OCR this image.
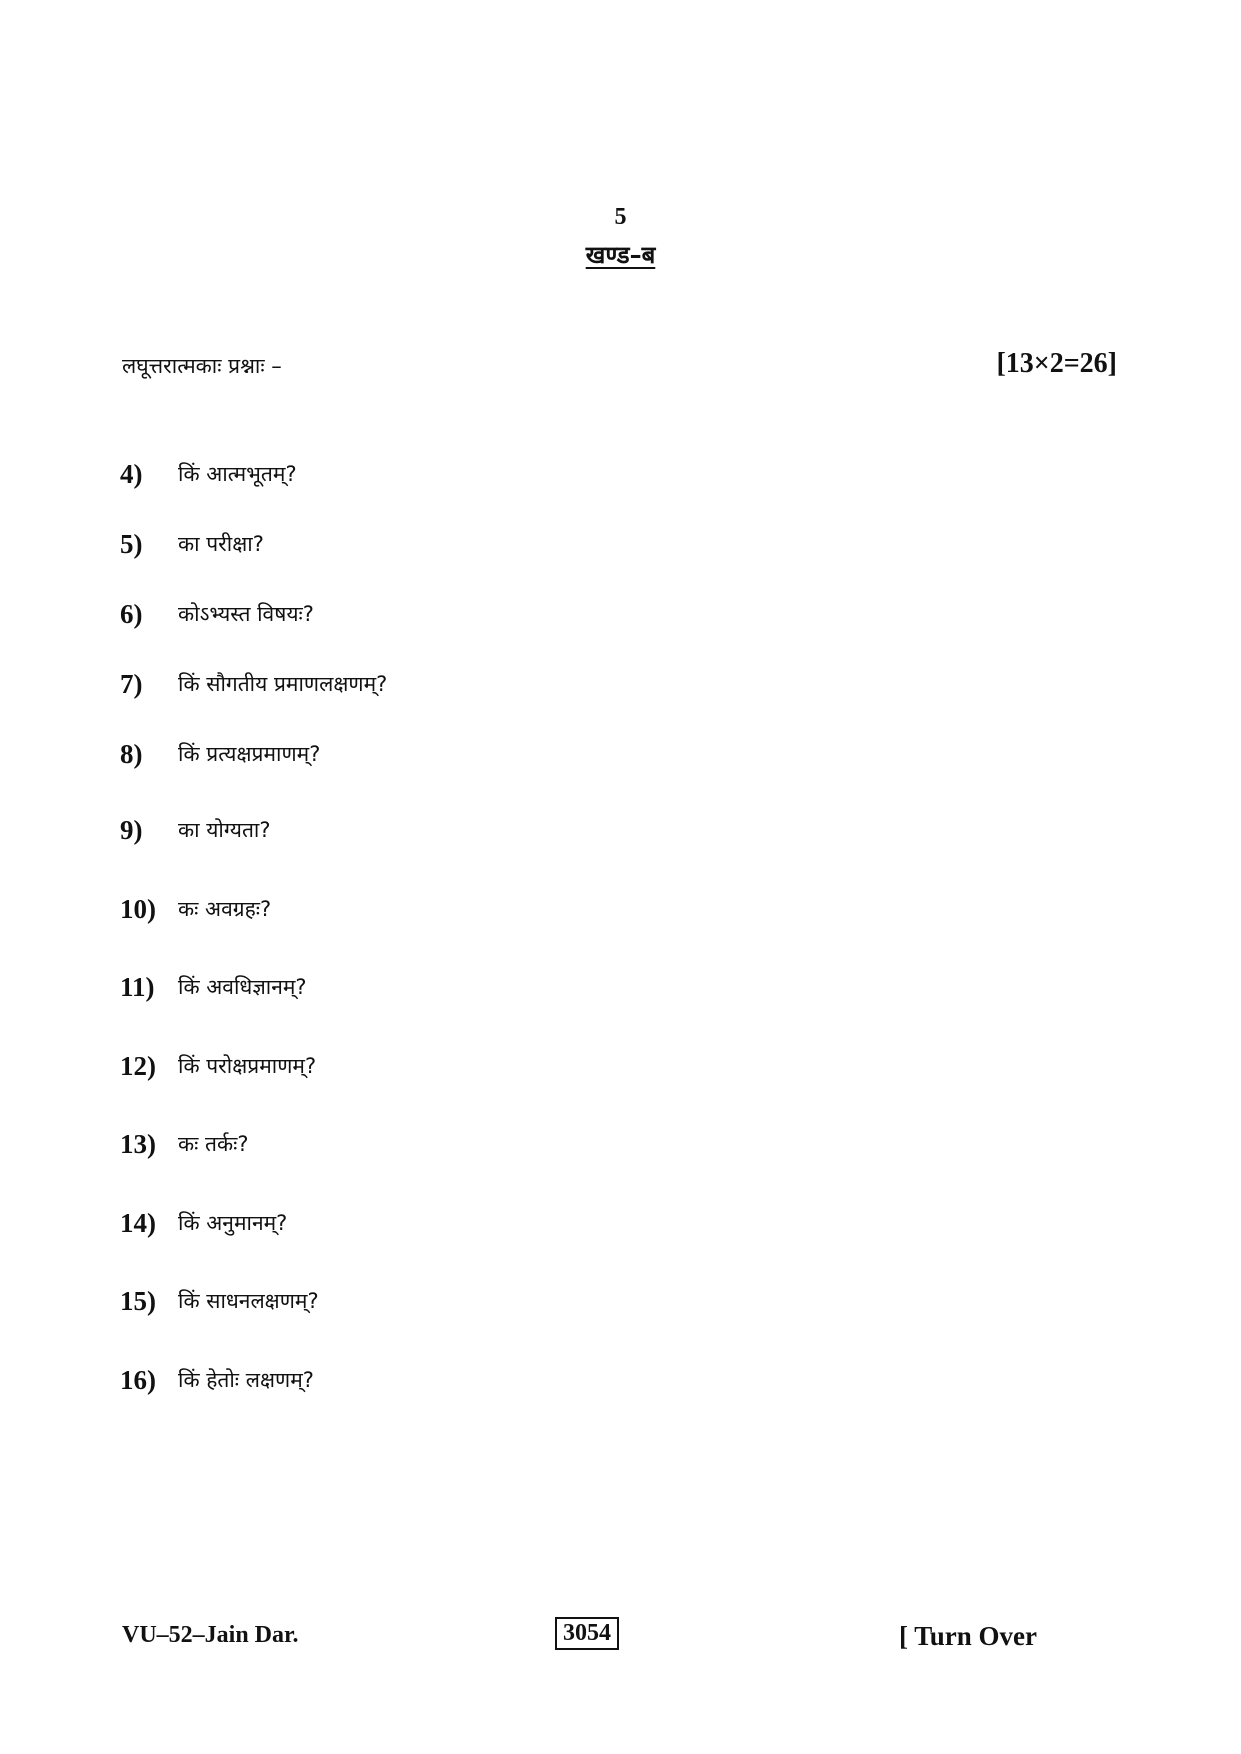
5
खण्ड–ब
लघूत्तरात्मकाः प्रश्नाः –	[13×2=26]
4)	किं आत्मभूतम्?
5)	का परीक्षा?
6)	कोऽभ्यस्त विषयः?
7)	किं सौगतीय प्रमाणलक्षणम्?
8)	किं प्रत्यक्षप्रमाणम्?
9)	का योग्यता?
10)	कः अवग्रहः?
11)	किं अवधिज्ञानम्?
12)	किं परोक्षप्रमाणम्?
13)	कः तर्कः?
14)	किं अनुमानम्?
15)	किं साधनलक्षणम्?
16)	किं हेतोः लक्षणम्?
VU–52–Jain Dar.	3054	[ Turn Over
